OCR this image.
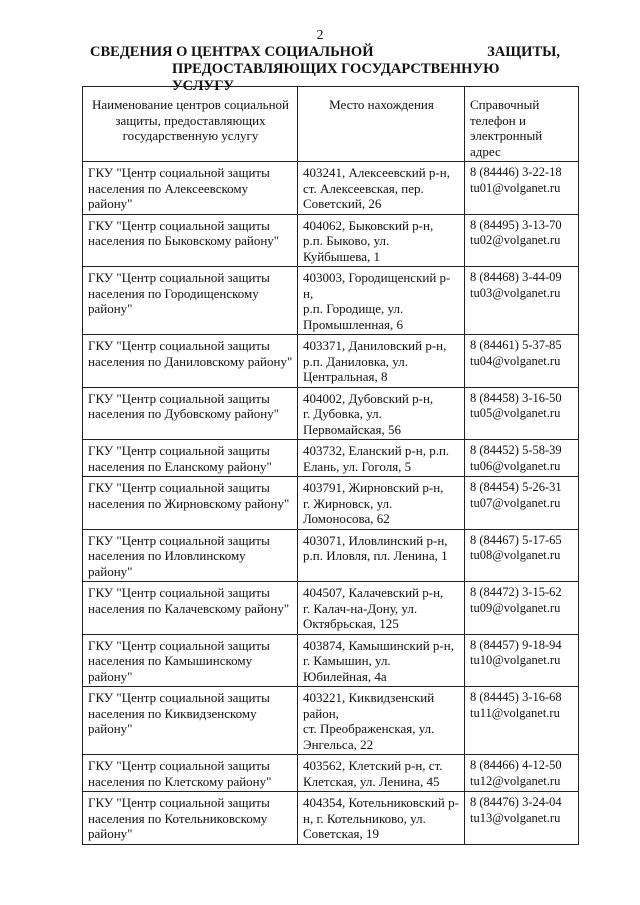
2
СВЕДЕНИЯ О ЦЕНТРАХ СОЦИАЛЬНОЙ	ЗАЩИТЫ,
ПРЕДОСТАВЛЯЮЩИХ ГОСУДАРСТВЕННУЮ УСЛУГУ
Наименование центров социальной защиты, предоставляющих государственную услугу	Место нахождения	Справочный телефон и электронный адрес
ГКУ "Центр социальной защиты населения по Алексеевскому району"	403241, Алексеевский р-н,
ст. Алексеевская, пер.
Советский, 26	8 (84446) 3-22-18
tu01@volganet.ru
ГКУ "Центр социальной защиты населения по Быковскому району"	404062, Быковский р-н,
р.п. Быково, ул.
Куйбышева, 1	8 (84495) 3-13-70
tu02@volganet.ru
ГКУ "Центр социальной защиты населения по Городищенскому району"	403003, Городищенский р-н,
р.п. Городище, ул.
Промышленная, 6	8 (84468) 3-44-09
tu03@volganet.ru
ГКУ "Центр социальной защиты населения по Даниловскому району"	403371, Даниловский р-н,
р.п. Даниловка, ул.
Центральная, 8	8 (84461) 5-37-85
tu04@volganet.ru
ГКУ "Центр социальной защиты населения по Дубовскому району"	404002, Дубовский р-н,
г. Дубовка, ул.
Первомайская, 56	8 (84458) 3-16-50
tu05@volganet.ru
ГКУ "Центр социальной защиты населения по Еланскому району"	403732, Еланский р-н, р.п.
Елань, ул. Гоголя, 5	8 (84452) 5-58-39
tu06@volganet.ru
ГКУ "Центр социальной защиты населения по Жирновскому району"	403791, Жирновский р-н,
г. Жирновск, ул.
Ломоносова, 62	8 (84454) 5-26-31
tu07@volganet.ru
ГКУ "Центр социальной защиты населения по Иловлинскому району"	403071, Иловлинский р-н,
р.п. Иловля, пл. Ленина, 1	8 (84467) 5-17-65
tu08@volganet.ru
ГКУ "Центр социальной защиты населения по Калачевскому району"	404507, Калачевский р-н,
г. Калач-на-Дону, ул.
Октябрьская, 125	8 (84472) 3-15-62
tu09@volganet.ru
ГКУ "Центр социальной защиты населения по Камышинскому району"	403874, Камышинский р-н,
г. Камышин, ул.
Юбилейная, 4а	8 (84457) 9-18-94
tu10@volganet.ru
ГКУ "Центр социальной защиты населения по Киквидзенскому району"	403221, Киквидзенский
район,
ст. Преображенская, ул.
Энгельса, 22	8 (84445) 3-16-68
tu11@volganet.ru
ГКУ "Центр социальной защиты населения по Клетскому району"	403562, Клетский р-н, ст.
Клетская, ул. Ленина, 45	8 (84466) 4-12-50
tu12@volganet.ru
ГКУ "Центр социальной защиты населения по Котельниковскому району"	404354, Котельниковский р-н, г. Котельниково, ул.
Советская, 19	8 (84476) 3-24-04
tu13@volganet.ru
